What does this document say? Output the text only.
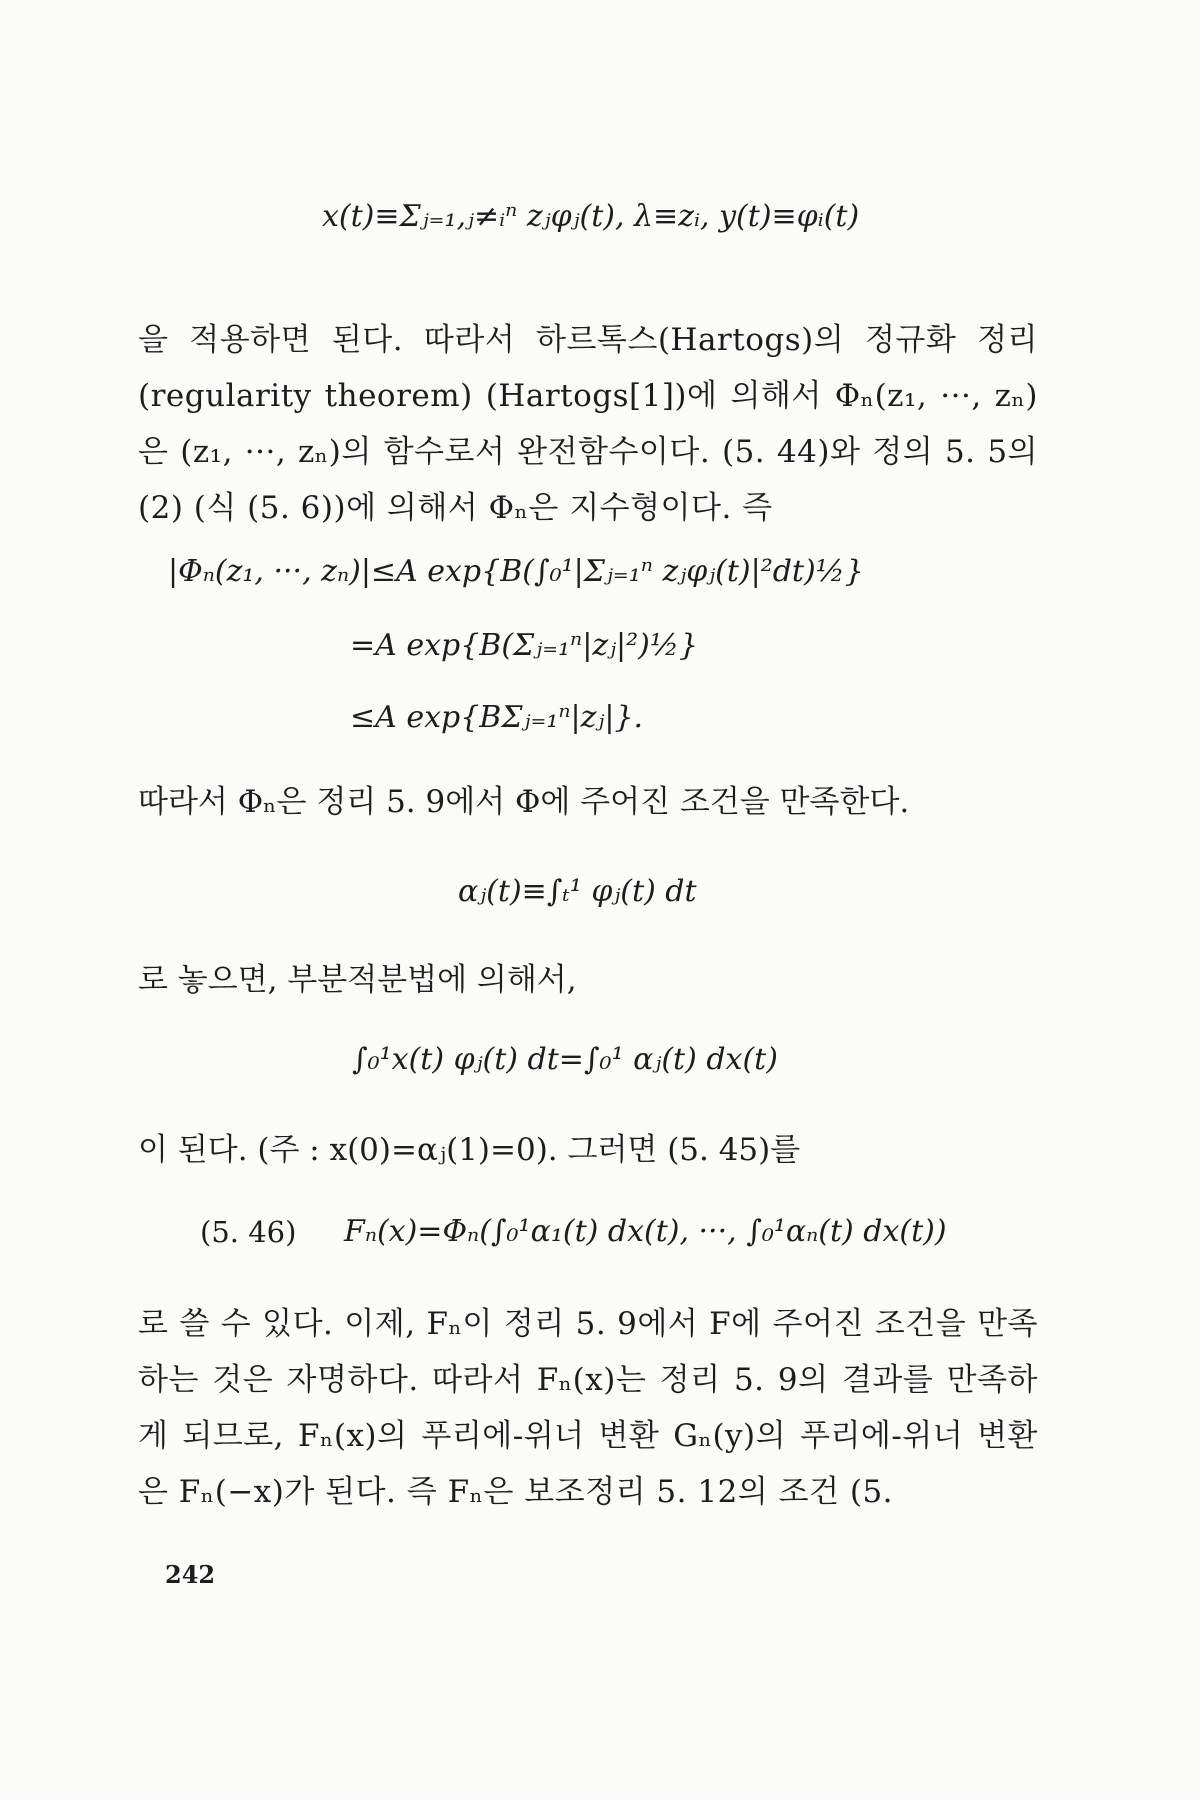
x(t)≡Σⱼ₌₁,ⱼ≠ᵢⁿ zⱼφⱼ(t), λ≡zᵢ, y(t)≡φᵢ(t)
을 적용하면 된다. 따라서 하르톡스(Hartogs)의 정규화 정리 (regularity theorem) (Hartogs[1])에 의해서 Φₙ(z₁, ···, zₙ)은 (z₁, ···, zₙ)의 함수로서 완전함수이다. (5. 44)와 정의 5. 5의 (2) (식 (5. 6))에 의해서 Φₙ은 지수형이다. 즉
|Φₙ(z₁, ···, zₙ)|≤A exp{B(∫₀¹|Σⱼ₌₁ⁿ zⱼφⱼ(t)|²dt)½}
=A exp{B(Σⱼ₌₁ⁿ|zⱼ|²)½}
≤A exp{BΣⱼ₌₁ⁿ|zⱼ|}.
따라서 Φₙ은 정리 5. 9에서 Φ에 주어진 조건을 만족한다.
αⱼ(t)≡∫ₜ¹ φⱼ(t) dt
로 놓으면, 부분적분법에 의해서,
∫₀¹x(t) φⱼ(t) dt=∫₀¹ αⱼ(t) dx(t)
이 된다. (주 : x(0)=αⱼ(1)=0). 그러면 (5. 45)를
(5. 46) Fₙ(x)=Φₙ(∫₀¹α₁(t) dx(t), ···, ∫₀¹αₙ(t) dx(t))
로 쓸 수 있다. 이제, Fₙ이 정리 5. 9에서 F에 주어진 조건을 만족하는 것은 자명하다. 따라서 Fₙ(x)는 정리 5. 9의 결과를 만족하게 되므로, Fₙ(x)의 푸리에-위너 변환 Gₙ(y)의 푸리에-위너 변환은 Fₙ(−x)가 된다. 즉 Fₙ은 보조정리 5. 12의 조건 (5.
242
